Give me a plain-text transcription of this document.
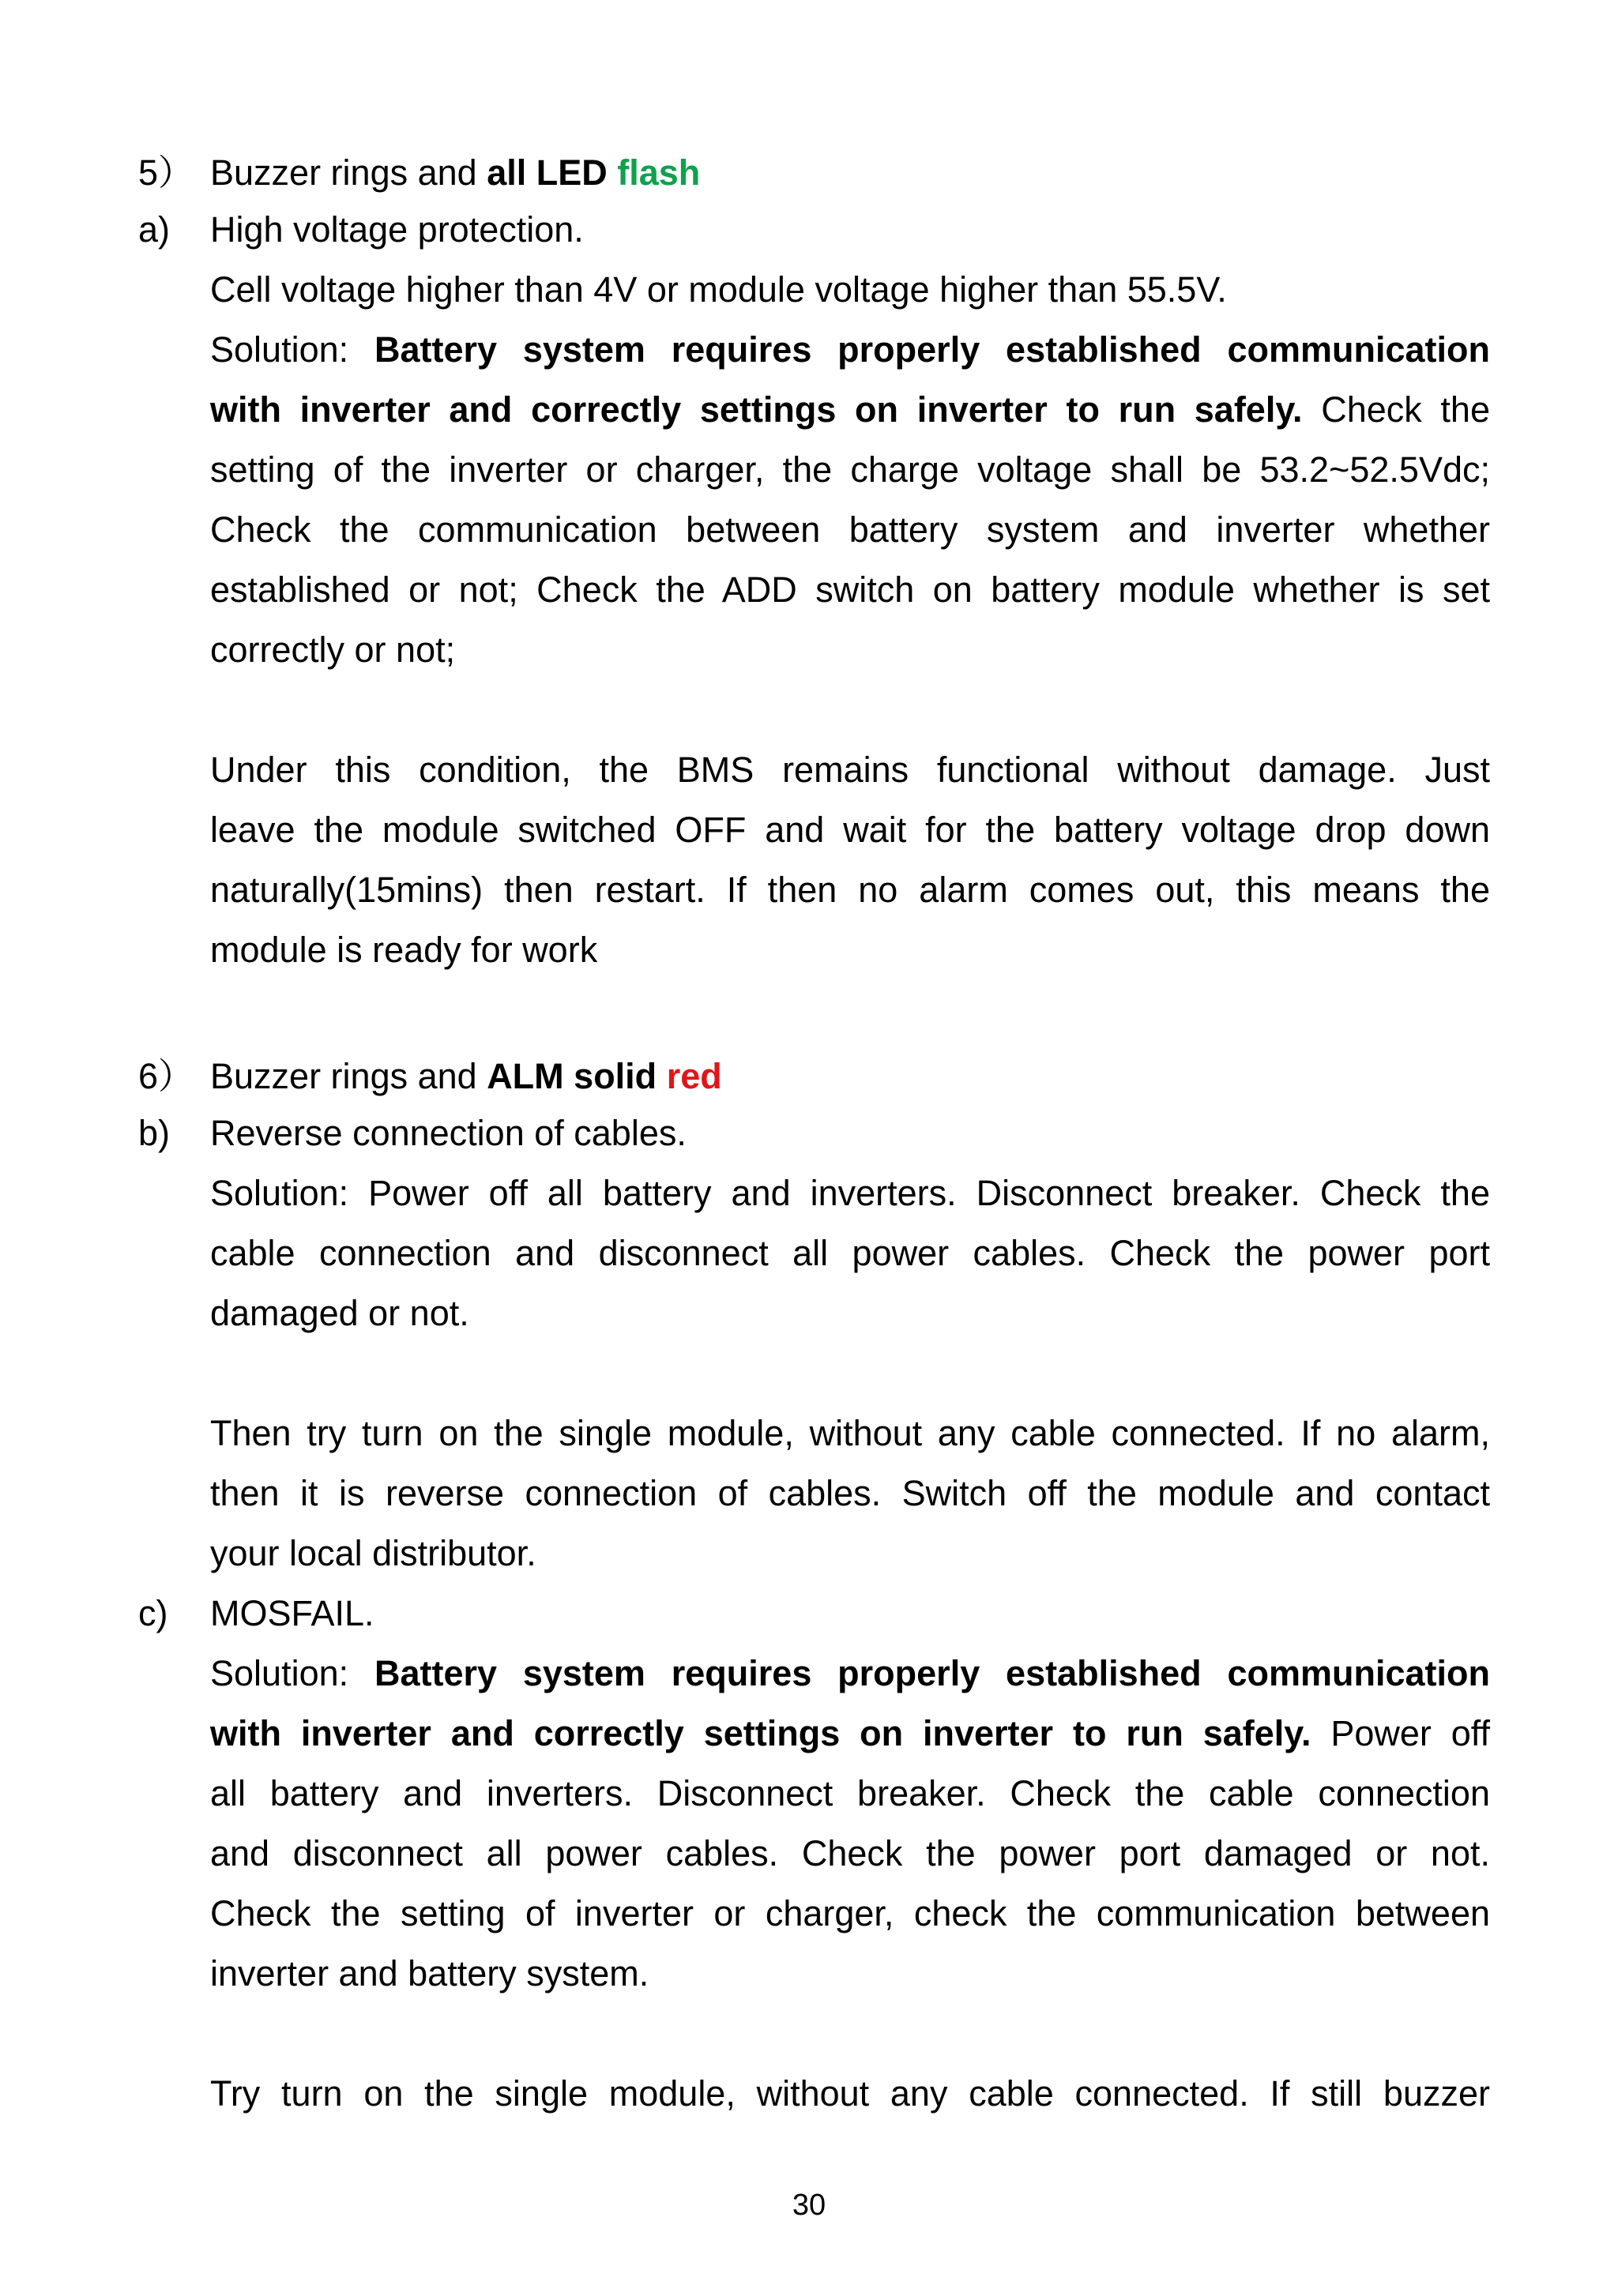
5） Buzzer rings and all LED flash
a) High voltage protection.
Cell voltage higher than 4V or module voltage higher than 55.5V.
Solution: Battery system requires properly established communication
with inverter and correctly settings on inverter to run safely. Check the
setting of the inverter or charger, the charge voltage shall be 53.2~52.5Vdc;
Check the communication between battery system and inverter whether
established or not; Check the ADD switch on battery module whether is set
correctly or not;
Under this condition, the BMS remains functional without damage. Just
leave the module switched OFF and wait for the battery voltage drop down
naturally(15mins) then restart. If then no alarm comes out, this means the
module is ready for work
6） Buzzer rings and ALM solid red
b) Reverse connection of cables.
Solution: Power off all battery and inverters. Disconnect breaker. Check the
cable connection and disconnect all power cables. Check the power port
damaged or not.
Then try turn on the single module, without any cable connected. If no alarm,
then it is reverse connection of cables. Switch off the module and contact
your local distributor.
c) MOSFAIL.
Solution: Battery system requires properly established communication
with inverter and correctly settings on inverter to run safely. Power off
all battery and inverters. Disconnect breaker. Check the cable connection
and disconnect all power cables. Check the power port damaged or not.
Check the setting of inverter or charger, check the communication between
inverter and battery system.
Try turn on the single module, without any cable connected. If still buzzer
30
